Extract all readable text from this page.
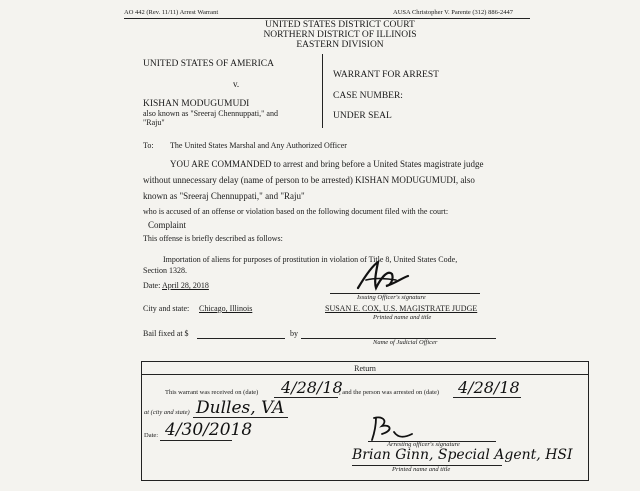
AO 442 (Rev. 11/11) Arrest Warrant	AUSA Christopher V. Parente (312) 886-2447
UNITED STATES DISTRICT COURT
NORTHERN DISTRICT OF ILLINOIS
EASTERN DIVISION
UNITED STATES OF AMERICA
v.
KISHAN MODUGUMUDI
also known as "Sreeraj Chennuppati," and
"Raju"
WARRANT FOR ARREST
CASE NUMBER:
UNDER SEAL
To: The United States Marshal and Any Authorized Officer
YOU ARE COMMANDED to arrest and bring before a United States magistrate judge
without unnecessary delay (name of person to be arrested) KISHAN MODUGUMUDI, also
known as "Sreeraj Chennuppati," and "Raju"
who is accused of an offense or violation based on the following document filed with the court:
Complaint
This offense is briefly described as follows:
Importation of aliens for purposes of prostitution in violation of Title 8, United States Code,
Section 1328.
Issuing Officer's signature
Date: April 28, 2018
City and state: Chicago, Illinois	SUSAN E. COX, U.S. MAGISTRATE JUDGE
Printed name and title
Bail fixed at $	by
Name of Judicial Officer
Return
This warrant was received on (date) 4/28/18
, and the person was arrested on (date) 4/28/18
at (city and state) Dulles, VA
Date: 4/30/2018
Arresting officer's signature
Brian Ginn, Special Agent, HSI
Printed name and title
